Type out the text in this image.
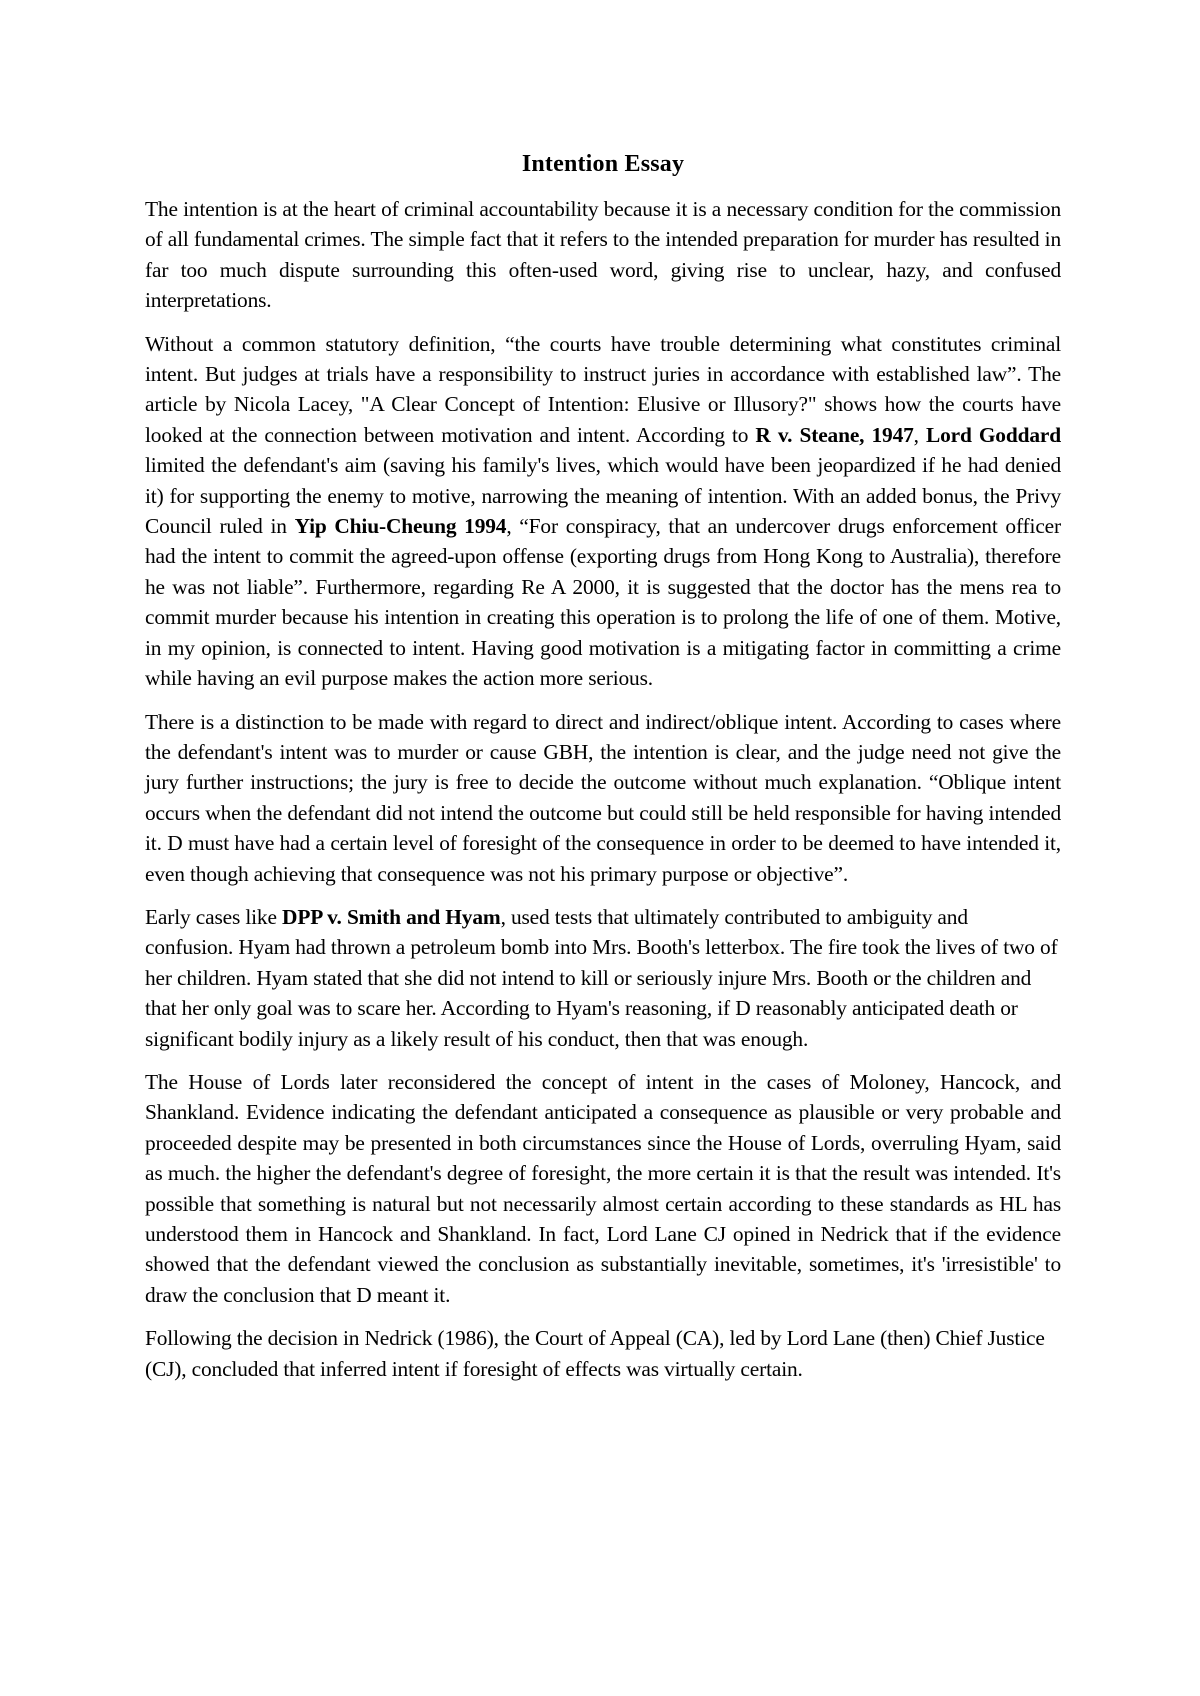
Intention Essay

The intention is at the heart of criminal accountability because it is a necessary condition for the commission of all fundamental crimes. The simple fact that it refers to the intended preparation for murder has resulted in far too much dispute surrounding this often-used word, giving rise to unclear, hazy, and confused interpretations.

Without a common statutory definition, “the courts have trouble determining what constitutes criminal intent. But judges at trials have a responsibility to instruct juries in accordance with established law”. The article by Nicola Lacey, "A Clear Concept of Intention: Elusive or Illusory?" shows how the courts have looked at the connection between motivation and intent. According to R v. Steane, 1947, Lord Goddard limited the defendant's aim (saving his family's lives, which would have been jeopardized if he had denied it) for supporting the enemy to motive, narrowing the meaning of intention. With an added bonus, the Privy Council ruled in Yip Chiu-Cheung 1994, “For conspiracy, that an undercover drugs enforcement officer had the intent to commit the agreed-upon offense (exporting drugs from Hong Kong to Australia), therefore he was not liable”. Furthermore, regarding Re A 2000, it is suggested that the doctor has the mens rea to commit murder because his intention in creating this operation is to prolong the life of one of them. Motive, in my opinion, is connected to intent. Having good motivation is a mitigating factor in committing a crime while having an evil purpose makes the action more serious.

There is a distinction to be made with regard to direct and indirect/oblique intent. According to cases where the defendant's intent was to murder or cause GBH, the intention is clear, and the judge need not give the jury further instructions; the jury is free to decide the outcome without much explanation. “Oblique intent occurs when the defendant did not intend the outcome but could still be held responsible for having intended it. D must have had a certain level of foresight of the consequence in order to be deemed to have intended it, even though achieving that consequence was not his primary purpose or objective”.

Early cases like DPP v. Smith and Hyam, used tests that ultimately contributed to ambiguity and confusion. Hyam had thrown a petroleum bomb into Mrs. Booth's letterbox. The fire took the lives of two of her children. Hyam stated that she did not intend to kill or seriously injure Mrs. Booth or the children and that her only goal was to scare her. According to Hyam's reasoning, if D reasonably anticipated death or significant bodily injury as a likely result of his conduct, then that was enough.

The House of Lords later reconsidered the concept of intent in the cases of Moloney, Hancock, and Shankland. Evidence indicating the defendant anticipated a consequence as plausible or very probable and proceeded despite may be presented in both circumstances since the House of Lords, overruling Hyam, said as much. the higher the defendant's degree of foresight, the more certain it is that the result was intended. It's possible that something is natural but not necessarily almost certain according to these standards as HL has understood them in Hancock and Shankland. In fact, Lord Lane CJ opined in Nedrick that if the evidence showed that the defendant viewed the conclusion as substantially inevitable, sometimes, it's 'irresistible' to draw the conclusion that D meant it.

Following the decision in Nedrick (1986), the Court of Appeal (CA), led by Lord Lane (then) Chief Justice (CJ), concluded that inferred intent if foresight of effects was virtually certain.
